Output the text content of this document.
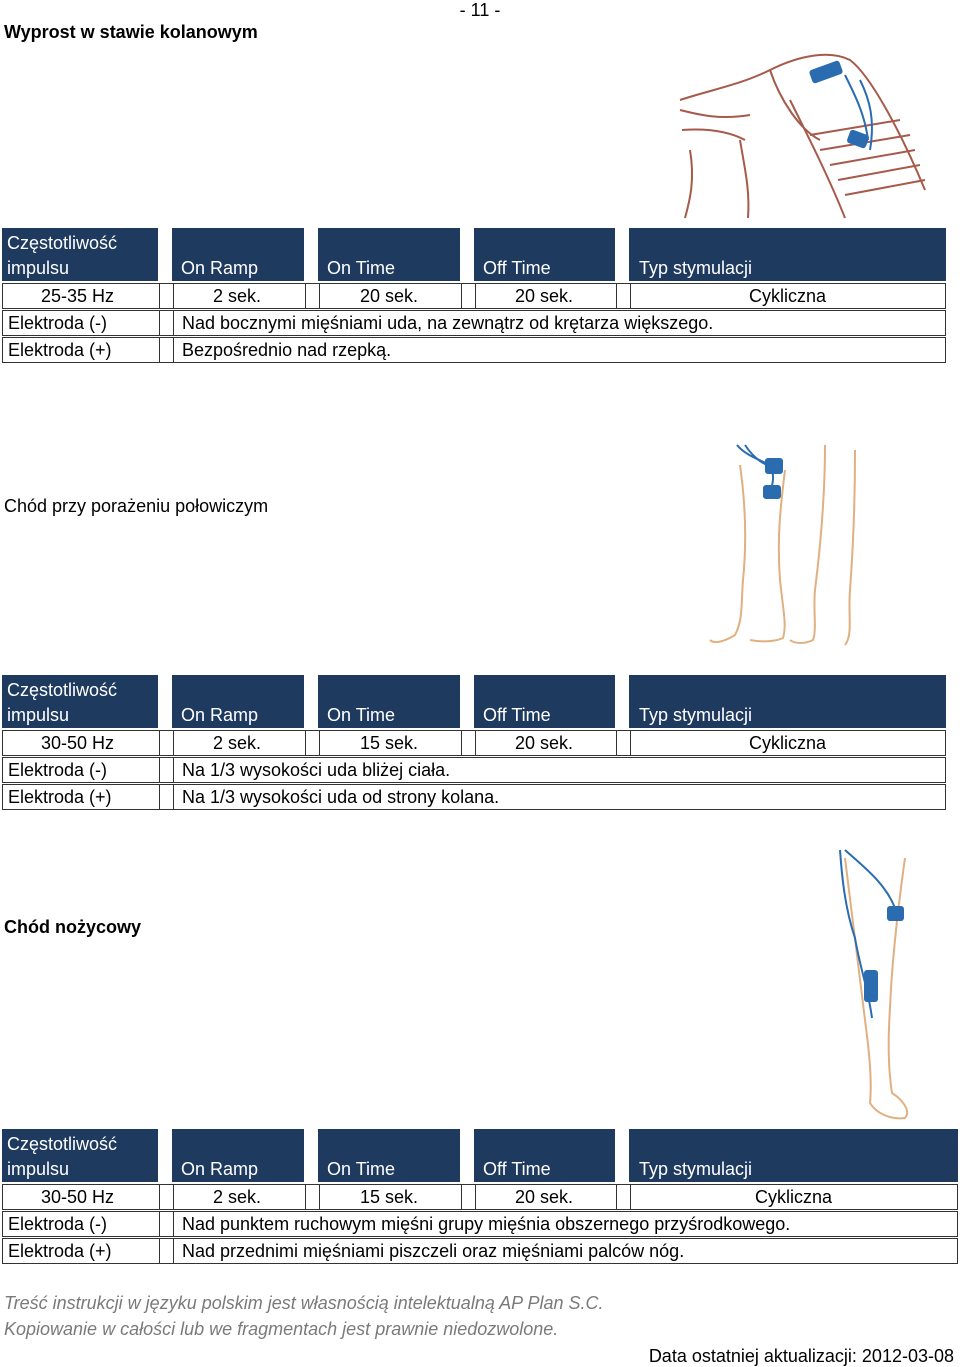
- 11 -
Wyprost w stawie kolanowym
Częstotliwość
impulsu	On Ramp	On Time	Off Time	Typ stymulacji
25-35 Hz	2 sek.	20 sek.	20 sek.	Cykliczna
Elektroda (-)	Nad bocznymi mięśniami uda, na zewnątrz od krętarza większego.
Elektroda (+)	Bezpośrednio nad rzepką.
Chód przy porażeniu połowiczym
Częstotliwość
impulsu	On Ramp	On Time	Off Time	Typ stymulacji
30-50 Hz	2 sek.	15 sek.	20 sek.	Cykliczna
Elektroda (-)	Na 1/3 wysokości uda bliżej ciała.
Elektroda (+)	Na 1/3 wysokości uda od strony kolana.
Chód nożycowy
Częstotliwość
impulsu	On Ramp	On Time	Off Time	Typ stymulacji
30-50 Hz	2 sek.	15 sek.	20 sek.	Cykliczna
Elektroda (-)	Nad punktem ruchowym mięśni grupy mięśnia obszernego przyśrodkowego.
Elektroda (+)	Nad przednimi mięśniami piszczeli oraz mięśniami palców nóg.
Treść instrukcji w języku polskim jest własnością intelektualną AP Plan S.C.
Kopiowanie w całości lub we fragmentach jest prawnie niedozwolone.
Data ostatniej aktualizacji: 2012-03-08
